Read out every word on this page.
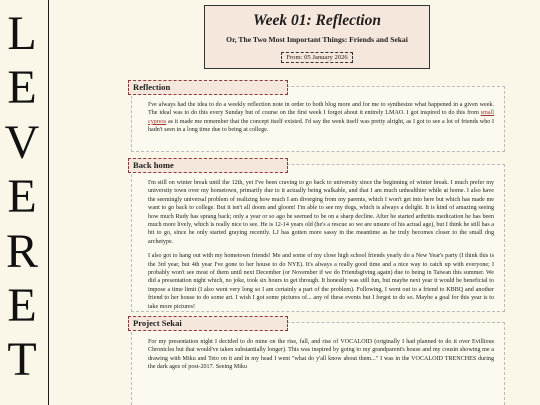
L
E
V
E
R
E
T
Week 01: Reflection
Or, The Two Most Important Things: Friends and Sekai
From: 05 January 2026
Reflection

I've always had the idea to do a weekly reflection note in order to both blog more and for me to synthesize what happened in a given week. The ideal was to do this every Sunday but of course on the first week I forgot about it entirely LMAO. I got inspired to do this from small cypress as it made me remember that the concept itself existed. I'd say the week itself was pretty alright, as I got to see a lot of friends who I hadn't seen in a long time due to being at college.

Back home

I'm still on winter break until the 12th, yet I've been craving to go back to university since the beginning of winter break. I much prefer my university town over my hometown, primarily due to it actually being walkable, and that I am much unhealthier while at home. I also have the seemingly universal problem of realizing how much I am diverging from my parents, which I won't get into here but which has made me want to go back to college. But it isn't all doom and gloom! I'm able to see my dogs, which is always a delight. It is kind of amazing seeing how much Rudy has sprang back; only a year or so ago he seemed to be on a sharp decline. After he started arthritis medication he has been much more lively, which is really nice to see. He is 12-14 years old (he's a rescue so we are unsure of his actual age), but I think he still has a bit to go, since he only started graying recently. LJ has gotten more sassy in the meantime as he truly becomes closer to the small dog archetype.

I also got to hang out with my hometown friends! Me and some of my close high school friends yearly do a New Year's party (I think this is the 3rd year, but 4th year I've gone to her house to do NYE). It's always a really good time and a nice way to catch up with everyone; I probably won't see most of them until next December (or November if we do Friendsgiving again) due to being in Taiwan this summer. We did a presentation night which, no joke, took six hours to get through. It honestly was still fun, but maybe next year it would be beneficial to impose a time limit (I also went very long so I am certainly a part of the problem). Following, I went out to a friend to KBBQ and another friend to her house to do some art. I wish I got some pictures of... any of these events but I forgot to do so. Maybe a goal for this year is to take more pictures!

Project Sekai

For my presentation night I decided to do mine on the rise, fall, and rise of VOCALOID (originally I had planned to do it over Evillious Chronicles but that would've taken substantially longer). This was inspired by going to my grandparent's house and my cousin showing me a drawing with Miku and Teto on it and in my head I went "what do y'all know about them..." I was in the VOCALOID TRENCHES during the dark ages of post-2017. Seeing Miku
